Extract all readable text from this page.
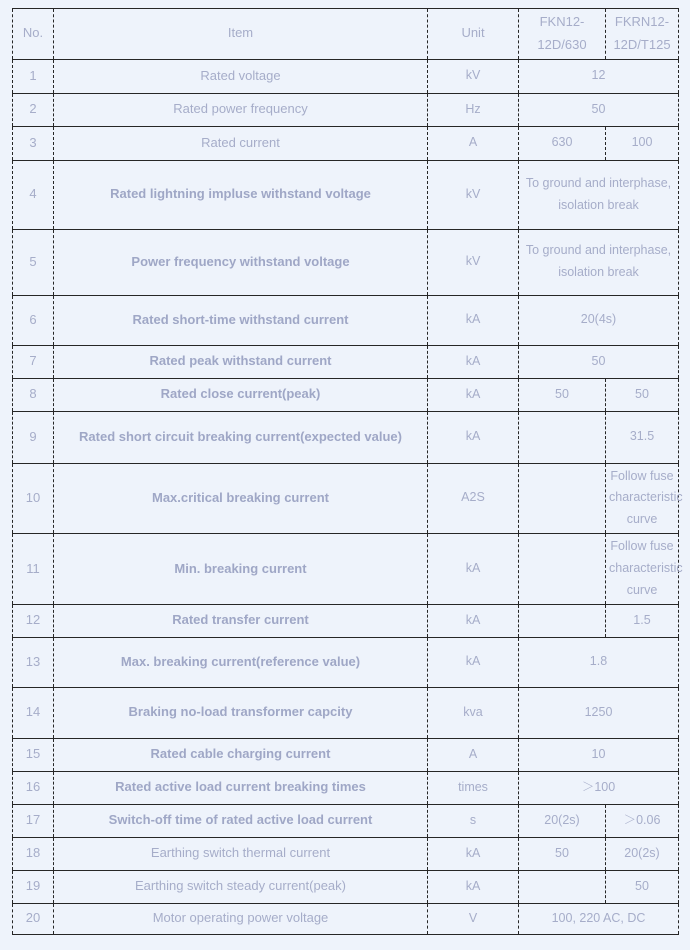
No.	Item	Unit	FKN12-12D/630	FKRN12-12D/T125
1	Rated voltage	kV	12	
2	Rated power frequency	Hz	50	
3	Rated current	A	630	100
4	Rated lightning impluse withstand voltage	kV	To ground and interphase, isolation break	
5	Power frequency withstand voltage	kV	To ground and interphase, isolation break	
6	Rated short-time withstand current	kA	20(4s)	
7	Rated peak withstand current	kA	50	
8	Rated close current(peak)	kA	50	50
9	Rated short circuit breaking current(expected value)	kA		31.5
10	Max.critical breaking current	A2S		Follow fuse characteristic curve
11	Min. breaking current	kA		Follow fuse characteristic curve
12	Rated transfer current	kA		1.5
13	Max. breaking current(reference value)	kA	1.8	
14	Braking no-load transformer capcity	kva	1250	
15	Rated cable charging current	A	10	
16	Rated active load current breaking times	times	＞100	
17	Switch-off time of rated active load current	s	20(2s)	＞0.06
18	Earthing switch thermal current	kA	50	20(2s)
19	Earthing switch steady current(peak)	kA		50
20	Motor operating power voltage	V	100, 220 AC, DC	
